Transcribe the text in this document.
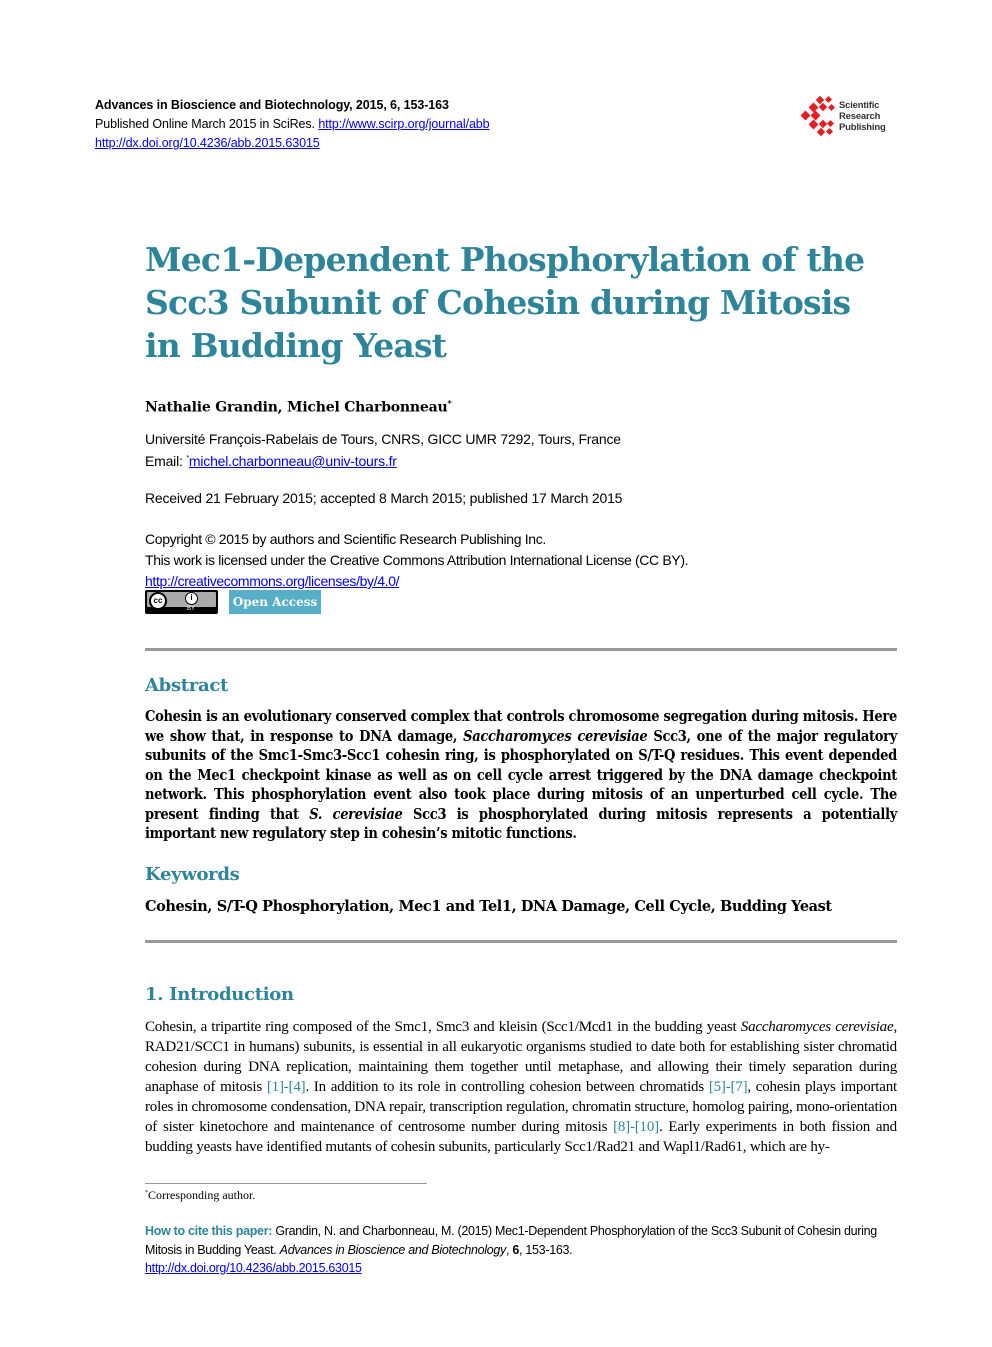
Advances in Bioscience and Biotechnology, 2015, 6, 153-163
Published Online March 2015 in SciRes. http://www.scirp.org/journal/abb
http://dx.doi.org/10.4236/abb.2015.63015
Scientific
Research
Publishing
Mec1-Dependent Phosphorylation of the Scc3 Subunit of Cohesin during Mitosis in Budding Yeast
Nathalie Grandin, Michel Charbonneau*
Université François-Rabelais de Tours, CNRS, GICC UMR 7292, Tours, France
Email: *michel.charbonneau@univ-tours.fr
Received 21 February 2015; accepted 8 March 2015; published 17 March 2015
Copyright © 2015 by authors and Scientific Research Publishing Inc.
This work is licensed under the Creative Commons Attribution International License (CC BY).
http://creativecommons.org/licenses/by/4.0/
cc	i
BY	Open Access
Abstract
Cohesin is an evolutionary conserved complex that controls chromosome segregation during mitosis. Here we show that, in response to DNA damage, Saccharomyces cerevisiae Scc3, one of the major regulatory subunits of the Smc1-Smc3-Scc1 cohesin ring, is phosphorylated on S/T-Q residues. This event depended on the Mec1 checkpoint kinase as well as on cell cycle arrest triggered by the DNA damage checkpoint network. This phosphorylation event also took place during mitosis of an unperturbed cell cycle. The present finding that S. cerevisiae Scc3 is phosphorylated during mitosis represents a potentially important new regulatory step in cohesin’s mitotic functions.
Keywords
Cohesin, S/T-Q Phosphorylation, Mec1 and Tel1, DNA Damage, Cell Cycle, Budding Yeast
1. Introduction
Cohesin, a tripartite ring composed of the Smc1, Smc3 and kleisin (Scc1/Mcd1 in the budding yeast Saccharomyces cerevisiae, RAD21/SCC1 in humans) subunits, is essential in all eukaryotic organisms studied to date both for establishing sister chromatid cohesion during DNA replication, maintaining them together until metaphase, and allowing their timely separation during anaphase of mitosis [1]-[4]. In addition to its role in controlling cohesion between chromatids [5]-[7], cohesin plays important roles in chromosome condensation, DNA repair, transcription regulation, chromatin structure, homolog pairing, mono-orientation of sister kinetochore and maintenance of centrosome number during mitosis [8]-[10]. Early experiments in both fission and budding yeasts have identified mutants of cohesin subunits, particularly Scc1/Rad21 and Wapl1/Rad61, which are hy-
*Corresponding author.
How to cite this paper: Grandin, N. and Charbonneau, M. (2015) Mec1-Dependent Phosphorylation of the Scc3 Subunit of Cohesin during Mitosis in Budding Yeast. Advances in Bioscience and Biotechnology, 6, 153-163.
http://dx.doi.org/10.4236/abb.2015.63015
